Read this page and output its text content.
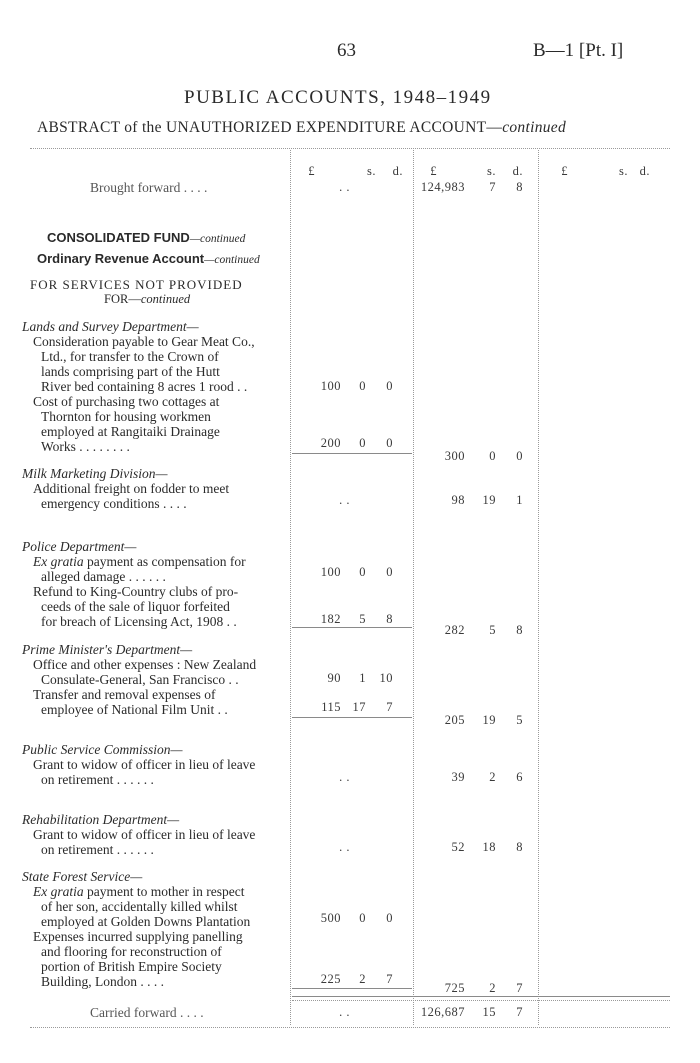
63	B—1 [Pt. I]
PUBLIC ACCOUNTS, 1948–1949
ABSTRACT of the UNAUTHORIZED EXPENDITURE ACCOUNT—continued
£	s.	d. £	s.	d.	£	s. d.
Brought forward . . . .	. .	124,983	7	8
CONSOLIDATED FUND—continued
Ordinary Revenue Account—continued
FOR SERVICES NOT PROVIDED
FOR—continued
Lands and Survey Department—
Consideration payable to Gear Meat Co.,
Ltd., for transfer to the Crown of
lands comprising part of the Hutt
River bed containing 8 acres 1 rood . .	100	0	0
Cost of purchasing two cottages at
Thornton for housing workmen
employed at Rangitaiki Drainage
Works . . . . . . . .	200	0	0
300	0	0
Milk Marketing Division—
Additional freight on fodder to meet
emergency conditions . . . .	. .	98 19	1
Police Department—
Ex gratia payment as compensation for
alleged damage . . . . . .	100	0	0
Refund to King-Country clubs of pro-
ceeds of the sale of liquor forfeited
for breach of Licensing Act, 1908 . .	182	5	8
282	5	8
Prime Minister's Department—
Office and other expenses : New Zealand
Consulate-General, San Francisco . .	90	1	10
Transfer and removal expenses of
employee of National Film Unit . .	115 17	7
205 19	5
Public Service Commission—
Grant to widow of officer in lieu of leave
on retirement . . . . . .	. .	39	2	6
Rehabilitation Department—
Grant to widow of officer in lieu of leave
on retirement . . . . . .	. .	52 18	8
State Forest Service—
Ex gratia payment to mother in respect
of her son, accidentally killed whilst
employed at Golden Downs Plantation	500	0	0
Expenses incurred supplying panelling
and flooring for reconstruction of
portion of British Empire Society
Building, London . . . .	225	2	7
725	2	7
Carried forward . . . .	. .	126,687 15	7
